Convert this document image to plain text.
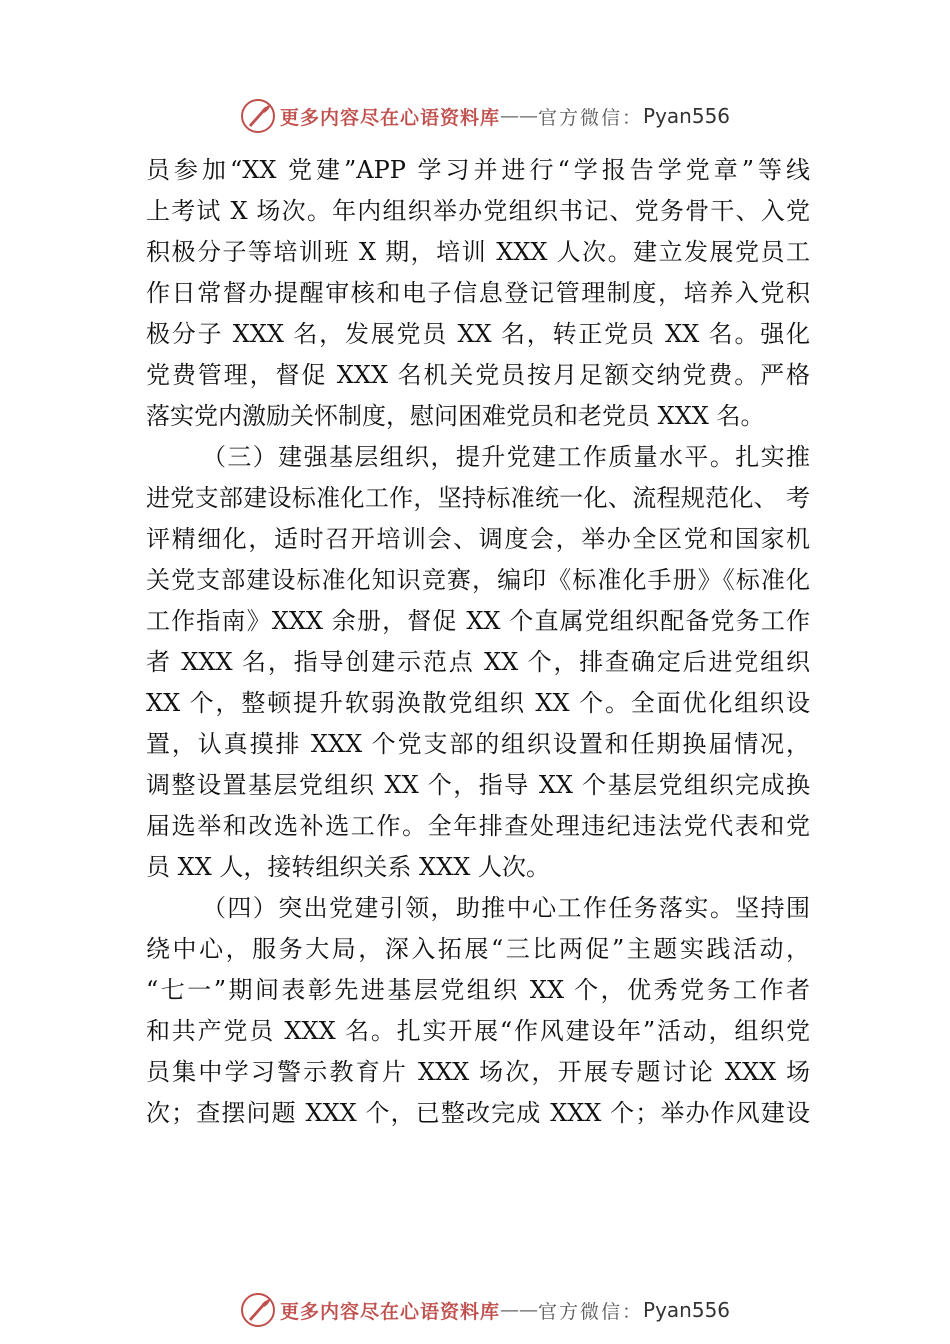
更多内容尽在心语资料库 —— 官方微信： Pyan556
员参加“XX 党建”APP 学习并进行“学报告学党章”等线
上考试 X 场次。年内组织举办党组织书记、党务骨干、入党
积极分子等培训班 X 期，培训 XXX 人次。建立发展党员工
作日常督办提醒审核和电子信息登记管理制度，培养入党积
极分子 XXX 名，发展党员 XX 名，转正党员 XX 名。强化
党费管理，督促 XXX 名机关党员按月足额交纳党费。严格
落实党内激励关怀制度，慰问困难党员和老党员 XXX 名。
（三）建强基层组织，提升党建工作质量水平。扎实推
进党支部建设标准化工作，坚持标准统一化、流程规范化、 考
评精细化，适时召开培训会、调度会，举办全区党和国家机
关党支部建设标准化知识竞赛，编印《标准化手册》《标准化
工作指南》XXX 余册，督促 XX 个直属党组织配备党务工作
者 XXX 名，指导创建示范点 XX 个，排查确定后进党组织
XX 个，整顿提升软弱涣散党组织 XX 个。全面优化组织设
置，认真摸排 XXX 个党支部的组织设置和任期换届情况，
调整设置基层党组织 XX 个，指导 XX 个基层党组织完成换
届选举和改选补选工作。全年排查处理违纪违法党代表和党
员 XX 人，接转组织关系 XXX 人次。
（四）突出党建引领，助推中心工作任务落实。坚持围
绕中心，服务大局，深入拓展“三比两促”主题实践活动，
“七一”期间表彰先进基层党组织 XX 个，优秀党务工作者
和共产党员 XXX 名。扎实开展“作风建设年”活动，组织党
员集中学习警示教育片 XXX 场次，开展专题讨论 XXX 场
次；查摆问题 XXX 个，已整改完成 XXX 个；举办作风建设
更多内容尽在心语资料库 —— 官方微信： Pyan556
